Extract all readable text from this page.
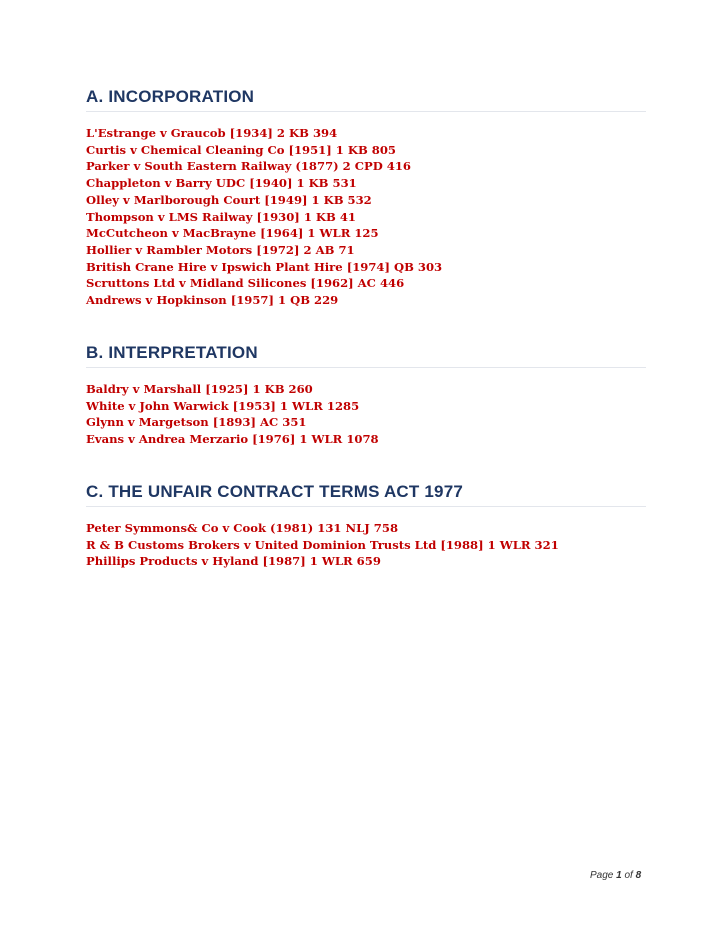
A. INCORPORATION

L'Estrange v Graucob [1934] 2 KB 394

Curtis v Chemical Cleaning Co [1951] 1 KB 805

Parker v South Eastern Railway (1877) 2 CPD 416

Chappleton v Barry UDC [1940] 1 KB 531

Olley v Marlborough Court [1949] 1 KB 532

Thompson v LMS Railway [1930] 1 KB 41

McCutcheon v MacBrayne [1964] 1 WLR 125

Hollier v Rambler Motors [1972] 2 AB 71

British Crane Hire v Ipswich Plant Hire [1974] QB 303

Scruttons Ltd v Midland Silicones [1962] AC 446

Andrews v Hopkinson [1957] 1 QB 229

B. INTERPRETATION

Baldry v Marshall [1925] 1 KB 260

White v John Warwick [1953] 1 WLR 1285

Glynn v Margetson [1893] AC 351

Evans v Andrea Merzario [1976] 1 WLR 1078

C. THE UNFAIR CONTRACT TERMS ACT 1977

Peter Symmons& Co v Cook (1981) 131 NLJ 758

R & B Customs Brokers v United Dominion Trusts Ltd [1988] 1 WLR 321

Phillips Products v Hyland [1987] 1 WLR 659

Page 1 of 8
